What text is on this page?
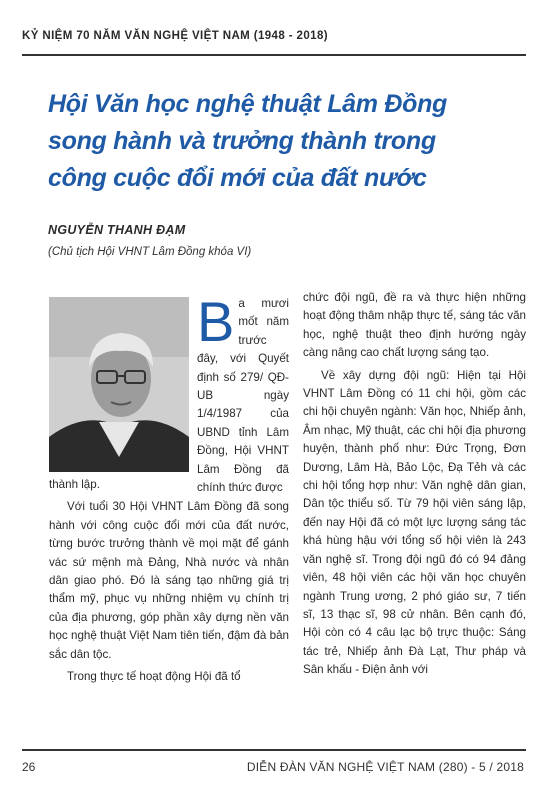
KỶ NIỆM 70 NĂM VĂN NGHỆ VIỆT NAM (1948 - 2018)
Hội Văn học nghệ thuật Lâm Đồng
song hành và trưởng thành trong
công cuộc đổi mới của đất nước
NGUYỄN THANH ĐẠM
(Chủ tịch Hội VHNT Lâm Đồng khóa VI)
B a mươi mốt năm trước đây, với Quyết định số 279/ QĐ-UB ngày 1/4/1987 của UBND tỉnh Lâm Đồng, Hội VHNT Lâm Đồng đã chính thức được

thành lập.

Với tuổi 30 Hội VHNT Lâm Đồng đã song hành với công cuộc đổi mới của đất nước, từng bước trưởng thành về mọi mặt để gánh vác sứ mệnh mà Đảng, Nhà nước và nhân dân giao phó. Đó là sáng tạo những giá trị thẩm mỹ, phục vụ những nhiệm vụ chính trị của địa phương, góp phần xây dựng nền văn học nghệ thuật Việt Nam tiên tiến, đậm đà bản sắc dân tộc.

Trong thực tế hoạt động Hội đã tổ

chức đội ngũ, đề ra và thực hiện những hoạt động thâm nhập thực tế, sáng tác văn học, nghệ thuật theo định hướng ngày càng nâng cao chất lượng sáng tạo.

Về xây dựng đội ngũ: Hiện tại Hội VHNT Lâm Đồng có 11 chi hội, gồm các chi hội chuyên ngành: Văn học, Nhiếp ảnh, Âm nhạc, Mỹ thuật, các chi hội địa phương huyện, thành phố như: Đức Trọng, Đơn Dương, Lâm Hà, Bảo Lộc, Đạ Tẻh và các chi hội tổng hợp như: Văn nghệ dân gian, Dân tộc thiểu số. Từ 79 hội viên sáng lập, đến nay Hội đã có một lực lượng sáng tác khá hùng hậu với tổng số hội viên là 243 văn nghệ sĩ. Trong đội ngũ đó có 94 đảng viên, 48 hội viên các hội văn học chuyên ngành Trung ương, 2 phó giáo sư, 7 tiến sĩ, 13 thạc sĩ, 98 cử nhân. Bên cạnh đó, Hội còn có 4 câu lạc bộ trực thuộc: Sáng tác trẻ, Nhiếp ảnh Đà Lạt, Thư pháp và Sân khấu - Điện ảnh với

26	DIỄN ĐÀN VĂN NGHỆ VIỆT NAM (280) - 5 / 2018
